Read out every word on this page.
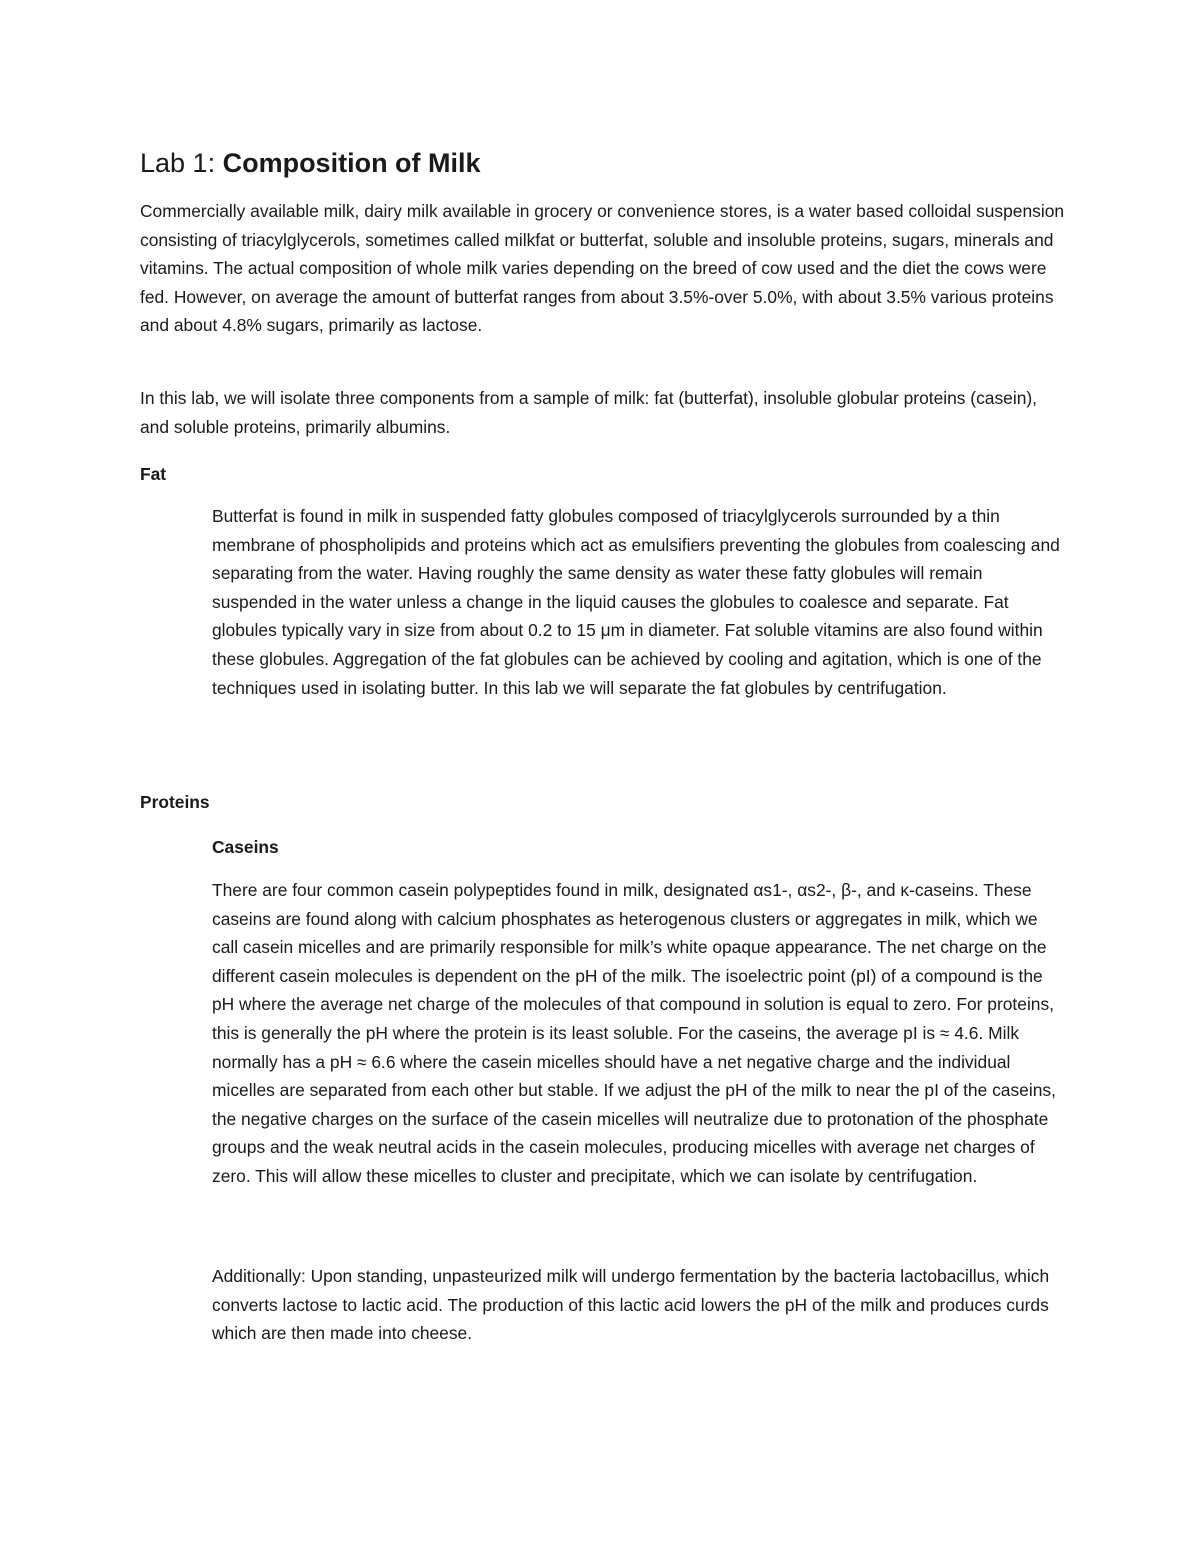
Lab 1: Composition of Milk

Commercially available milk, dairy milk available in grocery or convenience stores, is a water based colloidal suspension consisting of triacylglycerols, sometimes called milkfat or butterfat, soluble and insoluble proteins, sugars, minerals and vitamins. The actual composition of whole milk varies depending on the breed of cow used and the diet the cows were fed. However, on average the amount of butterfat ranges from about 3.5%-over 5.0%, with about 3.5% various proteins and about 4.8% sugars, primarily as lactose.

In this lab, we will isolate three components from a sample of milk: fat (butterfat), insoluble globular proteins (casein), and soluble proteins, primarily albumins.

Fat

Butterfat is found in milk in suspended fatty globules composed of triacylglycerols surrounded by a thin membrane of phospholipids and proteins which act as emulsifiers preventing the globules from coalescing and separating from the water. Having roughly the same density as water these fatty globules will remain suspended in the water unless a change in the liquid causes the globules to coalesce and separate. Fat globules typically vary in size from about 0.2 to 15 μm in diameter. Fat soluble vitamins are also found within these globules. Aggregation of the fat globules can be achieved by cooling and agitation, which is one of the techniques used in isolating butter. In this lab we will separate the fat globules by centrifugation.

Proteins
Caseins

There are four common casein polypeptides found in milk, designated αs1-, αs2-, β-, and κ-caseins. These caseins are found along with calcium phosphates as heterogenous clusters or aggregates in milk, which we call casein micelles and are primarily responsible for milk’s white opaque appearance. The net charge on the different casein molecules is dependent on the pH of the milk. The isoelectric point (pI) of a compound is the pH where the average net charge of the molecules of that compound in solution is equal to zero. For proteins, this is generally the pH where the protein is its least soluble. For the caseins, the average pI is ≈ 4.6. Milk normally has a pH ≈ 6.6 where the casein micelles should have a net negative charge and the individual micelles are separated from each other but stable. If we adjust the pH of the milk to near the pI of the caseins, the negative charges on the surface of the casein micelles will neutralize due to protonation of the phosphate groups and the weak neutral acids in the casein molecules, producing micelles with average net charges of zero. This will allow these micelles to cluster and precipitate, which we can isolate by centrifugation.

Additionally: Upon standing, unpasteurized milk will undergo fermentation by the bacteria lactobacillus, which converts lactose to lactic acid. The production of this lactic acid lowers the pH of the milk and produces curds which are then made into cheese.
